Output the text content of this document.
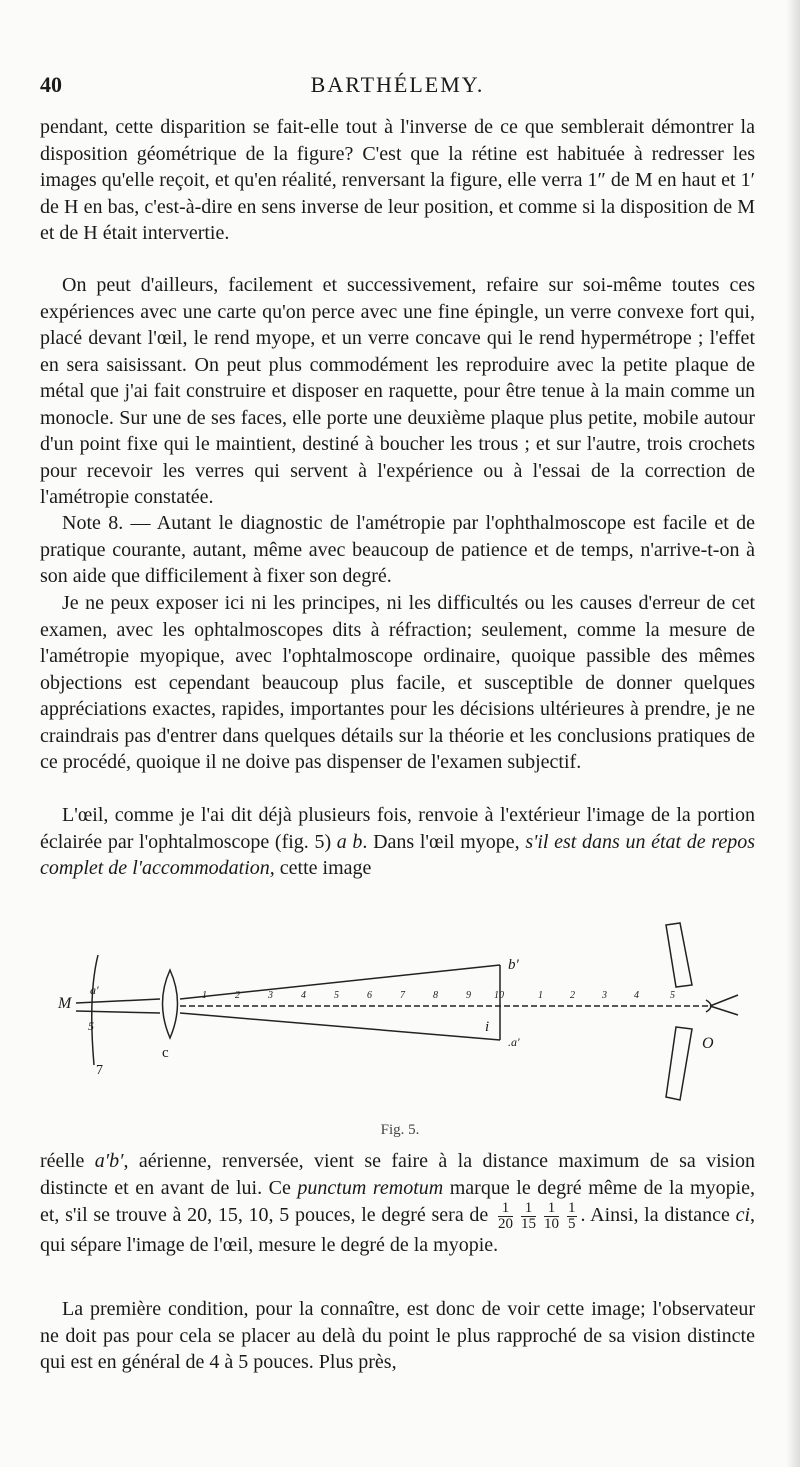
40	BARTHÉLEMY.

pendant, cette disparition se fait-elle tout à l'inverse de ce que semblerait démontrer la disposition géométrique de la figure? C'est que la rétine est habituée à redresser les images qu'elle reçoit, et qu'en réalité, renversant la figure, elle verra 1″ de M en haut et 1′ de H en bas, c'est-à-dire en sens inverse de leur position, et comme si la disposition de M et de H était intervertie.

On peut d'ailleurs, facilement et successivement, refaire sur soi-même toutes ces expériences avec une carte qu'on perce avec une fine épingle, un verre convexe fort qui, placé devant l'œil, le rend myope, et un verre concave qui le rend hypermétrope ; l'effet en sera saisissant. On peut plus commodément les reproduire avec la petite plaque de métal que j'ai fait construire et disposer en raquette, pour être tenue à la main comme un monocle. Sur une de ses faces, elle porte une deuxième plaque plus petite, mobile autour d'un point fixe qui le maintient, destiné à boucher les trous ; et sur l'autre, trois crochets pour recevoir les verres qui servent à l'expérience ou à l'essai de la correction de l'amétropie constatée.

Note 8. — Autant le diagnostic de l'amétropie par l'ophthalmoscope est facile et de pratique courante, autant, même avec beaucoup de patience et de temps, n'arrive-t-on à son aide que difficilement à fixer son degré.

Je ne peux exposer ici ni les principes, ni les difficultés ou les causes d'erreur de cet examen, avec les ophtalmoscopes dits à réfraction; seulement, comme la mesure de l'amétropie myopique, avec l'ophtalmoscope ordinaire, quoique passible des mêmes objections est cependant beaucoup plus facile, et susceptible de donner quelques appréciations exactes, rapides, importantes pour les décisions ultérieures à prendre, je ne craindrais pas d'entrer dans quelques détails sur la théorie et les conclusions pratiques de ce procédé, quoique il ne doive pas dispenser de l'examen subjectif.

L'œil, comme je l'ai dit déjà plusieurs fois, renvoie à l'extérieur l'image de la portion éclairée par l'ophtalmoscope (fig. 5) a b. Dans l'œil myope, s'il est dans un état de repos complet de l'accommodation, cette image

M
a′
5
7
c
b′
i
.a′	O
1	2	3	4	5	6	7	8	9 10	1	2	3	4	5
Fig. 5.

réelle a′b′, aérienne, renversée, vient se faire à la distance maximum de sa vision distincte et en avant de lui. Ce punctum remotum marque le degré même de la myopie, et, s'il se trouve à 20, 15, 10, 5 pouces, le degré sera de $\frac{1}{20} \frac{1}{15} \frac{1}{10} \frac{1}{5}$ . Ainsi, la distance ci, qui sépare l'image de l'œil, mesure le degré de la myopie.

La première condition, pour la connaître, est donc de voir cette image; l'observateur ne doit pas pour cela se placer au delà du point le plus rapproché de sa vision distincte qui est en général de 4 à 5 pouces. Plus près,
